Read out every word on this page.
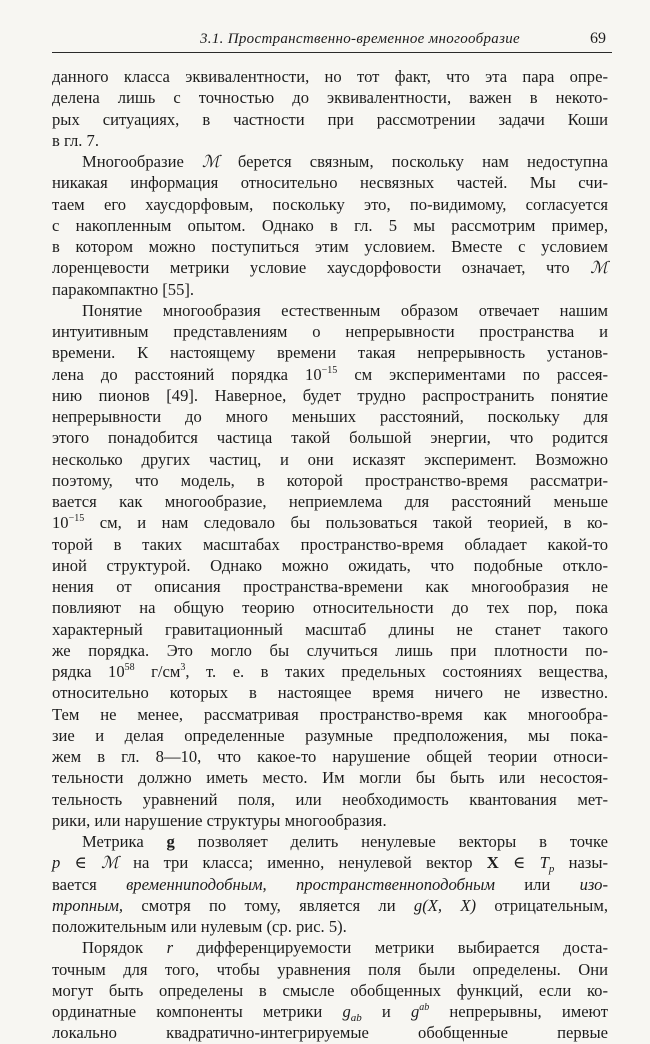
3.1. Пространственно-временное многообразие	69
данного класса эквивалентности, но тот факт, что эта пара опре-
делена лишь с точностью до эквивалентности, важен в некото-
рых ситуациях, в частности при рассмотрении задачи Коши
в гл. 7.
Многообразие ℳ берется связным, поскольку нам недоступна
никакая информация относительно несвязных частей. Мы счи-
таем его хаусдорфовым, поскольку это, по-видимому, согласуется
с накопленным опытом. Однако в гл. 5 мы рассмотрим пример,
в котором можно поступиться этим условием. Вместе с условием
лоренцевости метрики условие хаусдорфовости означает, что ℳ
паракомпактно [55].
Понятие многообразия естественным образом отвечает нашим
интуитивным представлениям о непрерывности пространства и
времени. К настоящему времени такая непрерывность установ-
лена до расстояний порядка $10^{-15}$ см экспериментами по рассея-
нию пионов [49]. Наверное, будет трудно распространить понятие
непрерывности до много меньших расстояний, поскольку для
этого понадобится частица такой большой энергии, что родится
несколько других частиц, и они исказят эксперимент. Возможно
поэтому, что модель, в которой пространство-время рассматри-
вается как многообразие, неприемлема для расстояний меньше
$10^{-15}$ см, и нам следовало бы пользоваться такой теорией, в ко-
торой в таких масштабах пространство-время обладает какой-то
иной структурой. Однако можно ожидать, что подобные откло-
нения от описания пространства-времени как многообразия не
повлияют на общую теорию относительности до тех пор, пока
характерный гравитационный масштаб длины не станет такого
же порядка. Это могло бы случиться лишь при плотности по-
рядка $10^{58}$ $г/см^3$, т. е. в таких предельных состояниях вещества,
относительно которых в настоящее время ничего не известно.
Тем не менее, рассматривая пространство-время как многообра-
зие и делая определенные разумные предположения, мы пока-
жем в гл. 8—10, что какое-то нарушение общей теории относи-
тельности должно иметь место. Им могли бы быть или несостоя-
тельность уравнений поля, или необходимость квантования мет-
рики, или нарушение структуры многообразия.
Метрика g позволяет делить ненулевые векторы в точке
p ∈ ℳ на три класса; именно, ненулевой вектор X ∈ $T_p$ назы-
вается временниподобным, пространственноподобным или изо-
тропным, смотря по тому, является ли g(X, X) отрицательным,
положительным или нулевым (ср. рис. 5).
Порядок r дифференцируемости метрики выбирается доста-
точным для того, чтобы уравнения поля были определены. Они
могут быть определены в смысле обобщенных функций, если ко-
ординатные компоненты метрики $g_{ab}$ и $g^{ab}$ непрерывны, имеют
локально квадратично-интегрируемые обобщенные первые
